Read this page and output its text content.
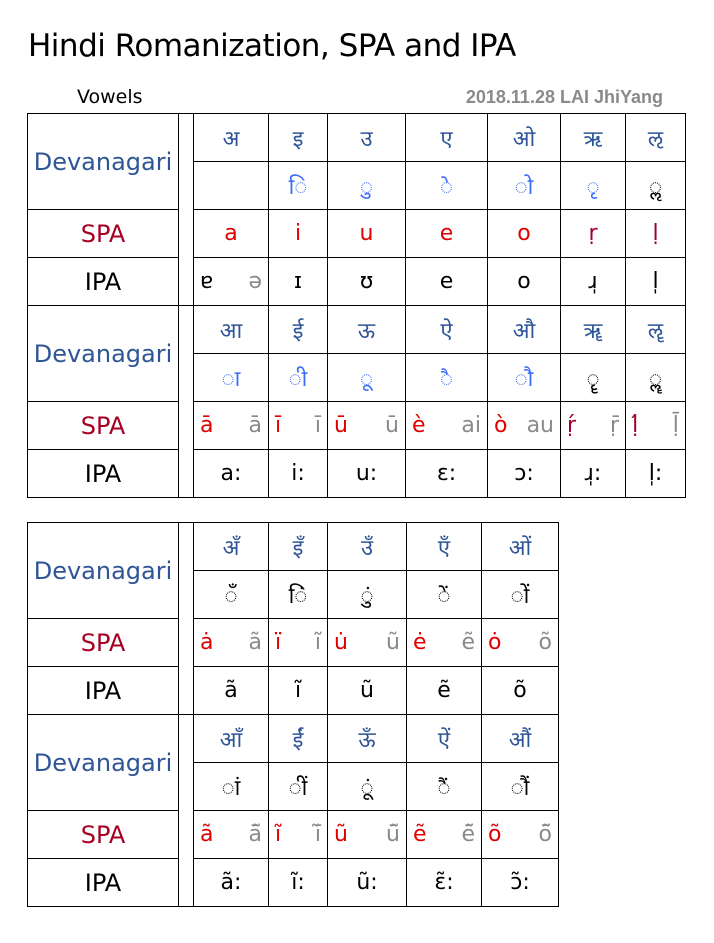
Hindi Romanization, SPA and IPA
Vowels	2018.11.28 LAI JhiYang
Devanagari		अ	इ	उ	ए	ओ	ऋ	ऌ
			◌ि	◌ु	◌े	◌ो	◌ृ	◌ॢ
SPA		a	i	u	e	o	ṛ	ḷ
IPA		ɐ ə	ɪ	ʊ	e	o	ɹ̩	l̩
Devanagari		आ	ई	ऊ	ऐ	औ	ॠ	ॡ
		◌ा	◌ी	◌ू	◌ै	◌ौ	◌ॄ	◌ॣ
SPA		ā ā	ī ī	ū ū	è ai	ò au	ṛ́ ṝ	ḷ́ ḹ

IPA		a:	i:	u:	ɛ:	ɔ:	ɹ̩:	l̩:
Devanagari		अँ	इँ	उँ	एँ	ओं
		◌ँ	◌िं	◌ुं	◌ें	◌ों
SPA		ȧ ã	ï ĩ	u̇ ũ	ė ẽ	ȯ õ

IPA		ã	ĩ	ũ	ẽ	õ
Devanagari		आँ	ईं	ऊँ	ऐं	औं
		◌ां	◌ीं	◌ूं	◌ैं	◌ौं
SPA		ã ā̃	ĩ ī̃	ũ ū̃	ẽ ē̃	õ ō̃

IPA		ã:	ĩ:	ũ:	ɛ̃:	ɔ̃:
